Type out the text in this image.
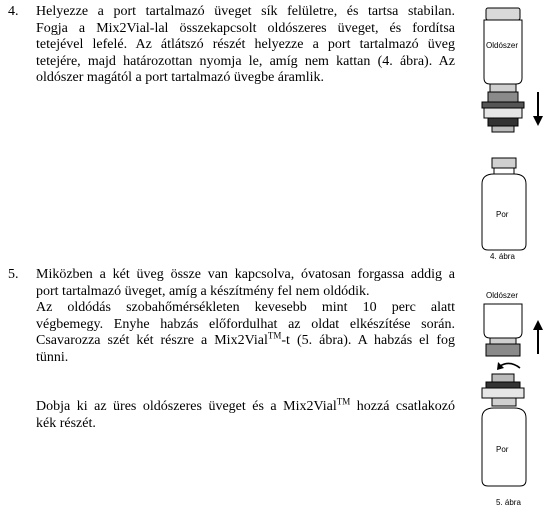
4. Helyezze a port tartalmazó üveget sík felületre, és tartsa stabilan.
Fogja a Mix2Vial-lal összekapcsolt oldószeres üveget, és fordítsa
tetejével lefelé. Az átlátszó részét helyezze a port tartalmazó üveg
tetejére, majd határozottan nyomja le, amíg nem kattan (4. ábra). Az
oldószer magától a port tartalmazó üvegbe áramlik.
5. Miközben a két üveg össze van kapcsolva, óvatosan forgassa addig a
port tartalmazó üveget, amíg a készítmény fel nem oldódik.
Az oldódás szobahőmérsékleten kevesebb mint 10 perc alatt
végbemegy. Enyhe habzás előfordulhat az oldat elkészítése során.
Csavarozza szét két részre a Mix2Vial™-t (5. ábra). A habzás el fog
tünni.
Dobja ki az üres oldószeres üveget és a Mix2Vial™ hozzá csatlakozó
kék részét.
Oldószer
Por
4. ábra
Oldószer
Por
5. ábra
